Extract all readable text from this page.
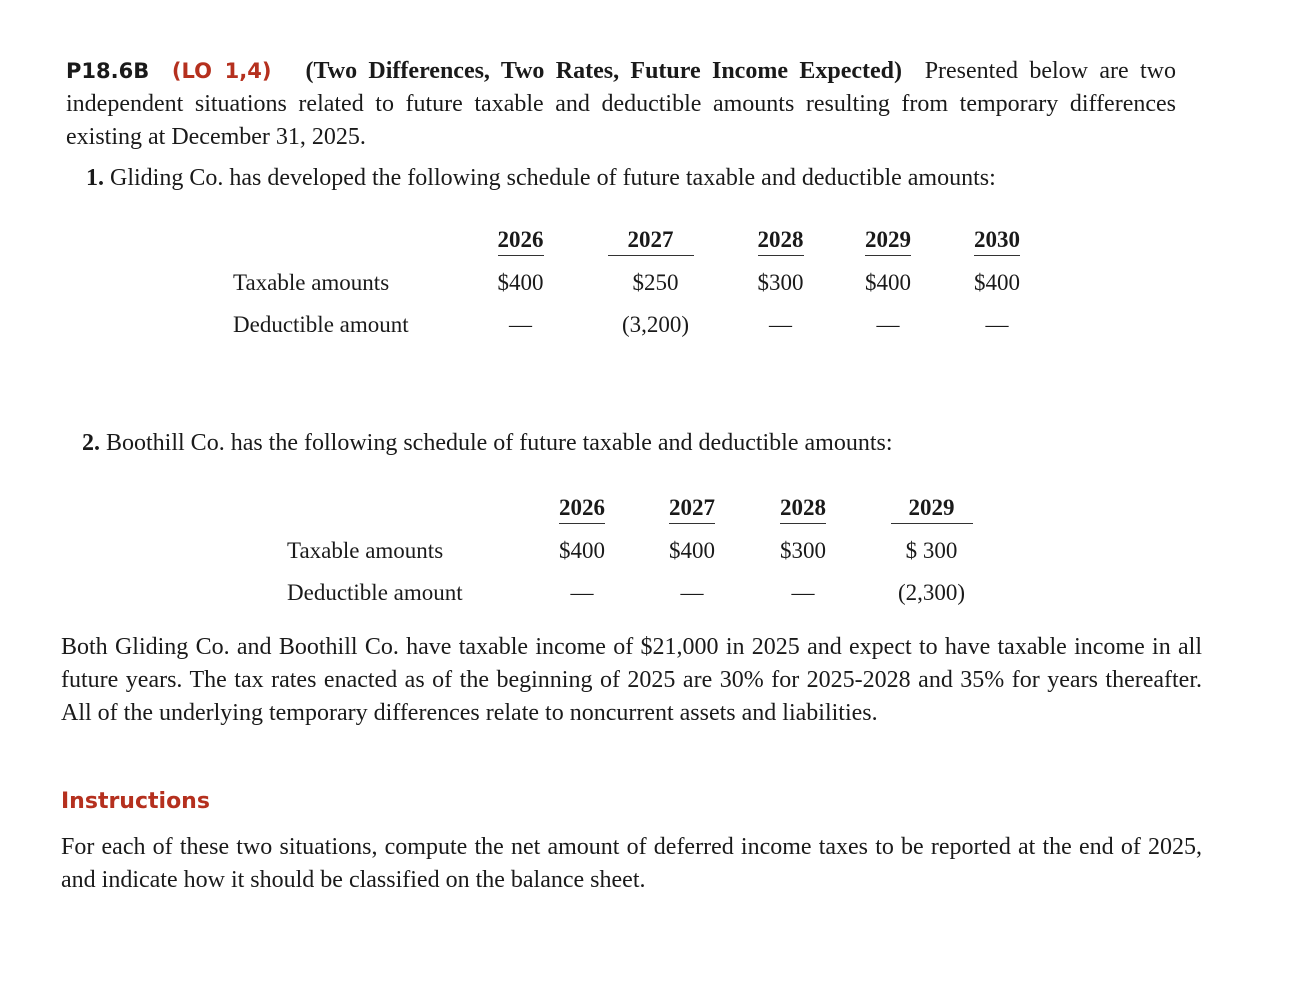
P18.6B (LO 1,4) (Two Differences, Two Rates, Future Income Expected) Presented below are two independent situations related to future taxable and deductible amounts resulting from temporary differences existing at December 31, 2025.
1. Gliding Co. has developed the following schedule of future taxable and deductible amounts:
	2026	2027	2028	2029	2030
Taxable amounts	$400	$250	$300	$400	$400
Deductible amount	—	(3,200)	—	—	—
2. Boothill Co. has the following schedule of future taxable and deductible amounts:
	2026	2027	2028	2029
Taxable amounts	$400	$400	$300	$ 300
Deductible amount	—	—	—	(2,300)
Both Gliding Co. and Boothill Co. have taxable income of $21,000 in 2025 and expect to have taxable income in all future years. The tax rates enacted as of the beginning of 2025 are 30% for 2025-2028 and 35% for years thereafter. All of the underlying temporary differences relate to noncurrent assets and liabilities.
Instructions
For each of these two situations, compute the net amount of deferred income taxes to be reported at the end of 2025, and indicate how it should be classified on the balance sheet.
